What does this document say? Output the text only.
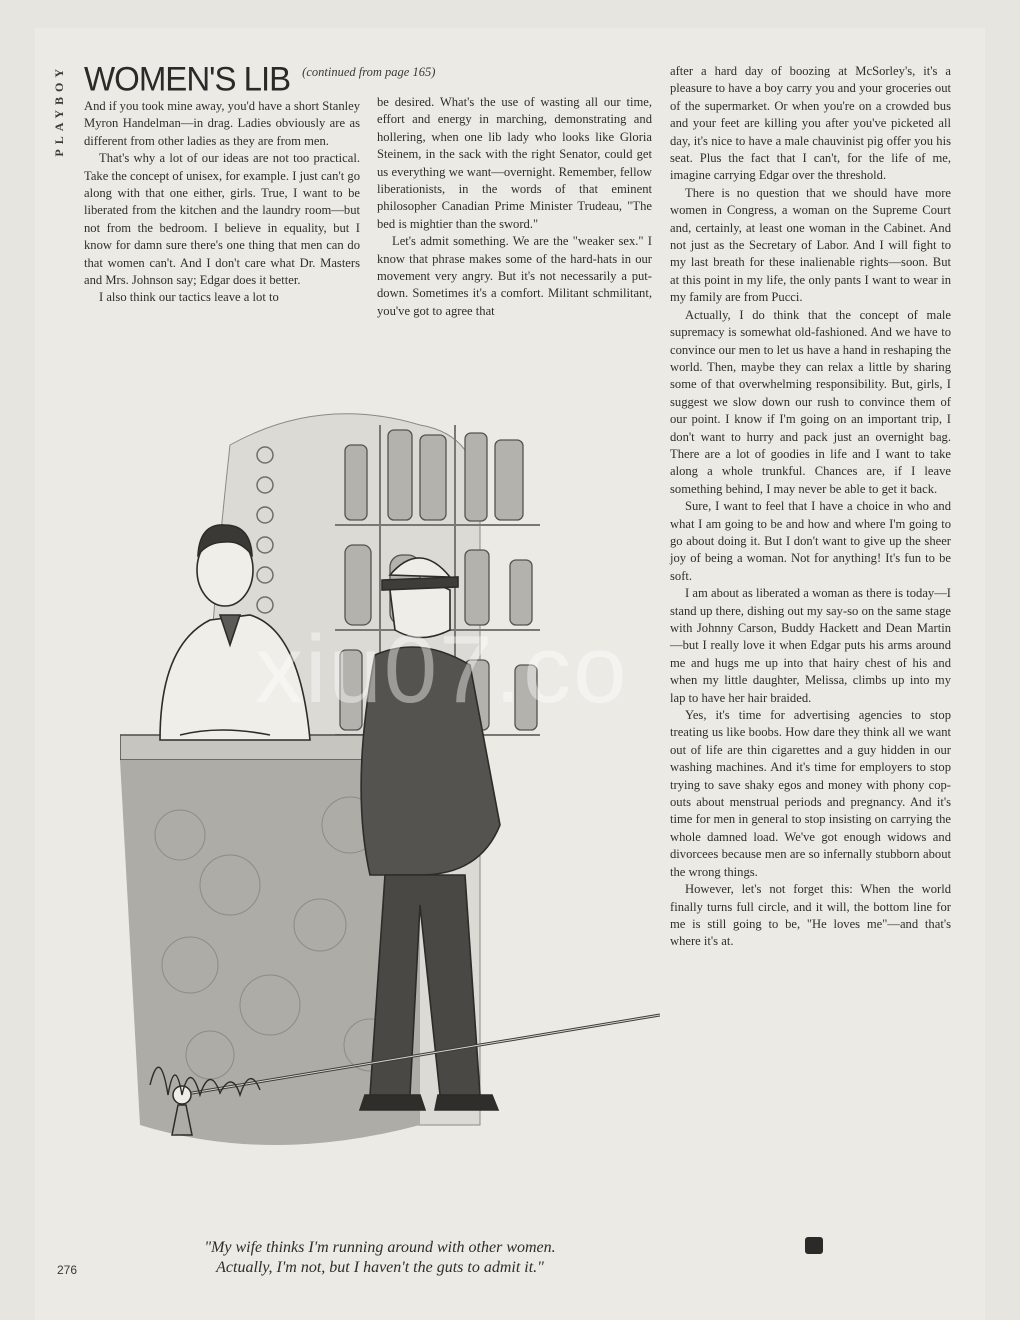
PLAYBOY WOMEN'S LIB (continued from page 165)

And if you took mine away, you'd have a short Stanley Myron Handelman—in drag. Ladies obviously are as different from other ladies as they are from men.

That's why a lot of our ideas are not too practical. Take the concept of unisex, for example. I just can't go along with that one either, girls. True, I want to be liberated from the kitchen and the laundry room—but not from the bedroom. I believe in equality, but I know for damn sure there's one thing that men can do that women can't. And I don't care what Dr. Masters and Mrs. Johnson say; Edgar does it better.

I also think our tactics leave a lot to

be desired. What's the use of wasting all our time, effort and energy in marching, demonstrating and hollering, when one lib lady who looks like Gloria Steinem, in the sack with the right Senator, could get us everything we want—overnight. Remember, fellow liberationists, in the words of that eminent philosopher Canadian Prime Minister Trudeau, "The bed is mightier than the sword."

Let's admit something. We are the "weaker sex." I know that phrase makes some of the hard-hats in our movement very angry. But it's not necessarily a put-down. Sometimes it's a comfort. Militant schmilitant, you've got to agree that

after a hard day of boozing at McSorley's, it's a pleasure to have a boy carry you and your groceries out of the supermarket. Or when you're on a crowded bus and your feet are killing you after you've picketed all day, it's nice to have a male chauvinist pig offer you his seat. Plus the fact that I can't, for the life of me, imagine carrying Edgar over the threshold.

There is no question that we should have more women in Congress, a woman on the Supreme Court and, certainly, at least one woman in the Cabinet. And not just as the Secretary of Labor. And I will fight to my last breath for these inalienable rights—soon. But at this point in my life, the only pants I want to wear in my family are from Pucci.

Actually, I do think that the concept of male supremacy is somewhat old-fashioned. And we have to convince our men to let us have a hand in reshaping the world. Then, maybe they can relax a little by sharing some of that overwhelming responsibility. But, girls, I suggest we slow down our rush to convince them of our point. I know if I'm going on an important trip, I don't want to hurry and pack just an overnight bag. There are a lot of goodies in life and I want to take along a whole trunkful. Chances are, if I leave something behind, I may never be able to get it back.

Sure, I want to feel that I have a choice in who and what I am going to be and how and where I'm going to go about doing it. But I don't want to give up the sheer joy of being a woman. Not for anything! It's fun to be soft.

I am about as liberated a woman as there is today—I stand up there, dishing out my say-so on the same stage with Johnny Carson, Buddy Hackett and Dean Martin—but I really love it when Edgar puts his arms around me and hugs me up into that hairy chest of his and when my little daughter, Melissa, climbs up into my lap to have her hair braided.

Yes, it's time for advertising agencies to stop treating us like boobs. How dare they think all we want out of life are thin cigarettes and a guy hidden in our washing machines. And it's time for employers to stop trying to save shaky egos and money with phony cop-outs about menstrual periods and pregnancy. And it's time for men in general to stop insisting on carrying the whole damned load. We've got enough widows and divorcees because men are so infernally stubborn about the wrong things.

However, let's not forget this: When the world finally turns full circle, and it will, the bottom line for me is still going to be, "He loves me"—and that's where it's at.

xiu07.co
"My wife thinks I'm running around with other women.
Actually, I'm not, but I haven't the guts to admit it."
276
